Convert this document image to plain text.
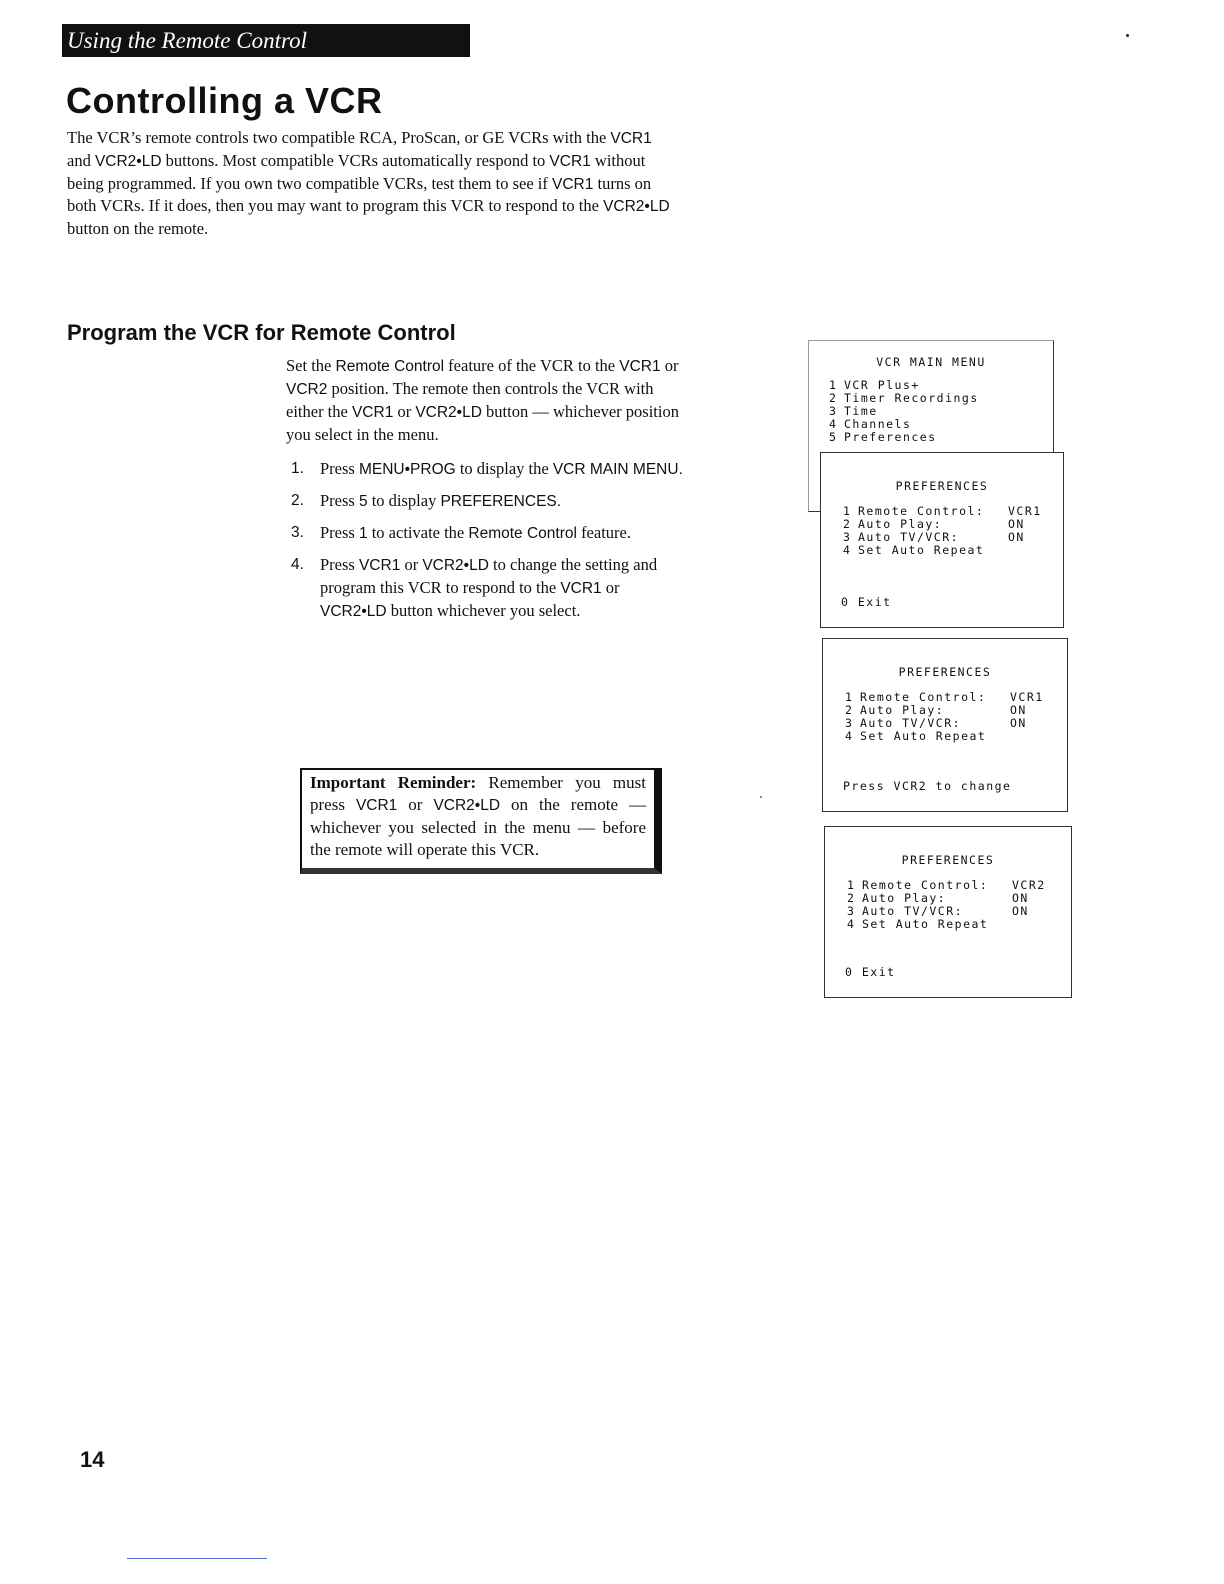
Using the Remote Control
Controlling a VCR

The VCR’s remote controls two compatible RCA, ProScan, or GE VCRs with the VCR1 and VCR2•LD buttons. Most compatible VCRs automatically respond to VCR1 without being programmed. If you own two compatible VCRs, test them to see if VCR1 turns on both VCRs. If it does, then you may want to program this VCR to respond to the VCR2•LD button on the remote.

Program the VCR for Remote Control

Set the Remote Control feature of the VCR to the VCR1 or VCR2 position. The remote then controls the VCR with either the VCR1 or VCR2•LD button — whichever position you select in the menu.

1. Press MENU•PROG to display the VCR MAIN MENU.
2. Press 5 to display PREFERENCES.
3. Press 1 to activate the Remote Control feature.
4. Press VCR1 or VCR2•LD to change the setting and program this VCR to respond to the VCR1 or VCR2•LD button whichever you select.
Important Reminder: Remember you must press VCR1 or VCR2•LD on the remote — whichever you selected in the menu — before the remote will operate this VCR.

VCR MAIN MENU

1 VCR Plus+
2 Timer Recordings
3 Time
4 Channels
5 Preferences

PREFERENCES

1 Remote Control:	VCR1
2 Auto Play:	ON
3 Auto TV/VCR:	ON
4 Set Auto Repeat

0 Exit

PREFERENCES

1 Remote Control:	VCR1
2 Auto Play:	ON
3 Auto TV/VCR:	ON
4 Set Auto Repeat

Press VCR2 to change

PREFERENCES

1 Remote Control:	VCR2
2 Auto Play:	ON
3 Auto TV/VCR:	ON
4 Set Auto Repeat

0 Exit

14
